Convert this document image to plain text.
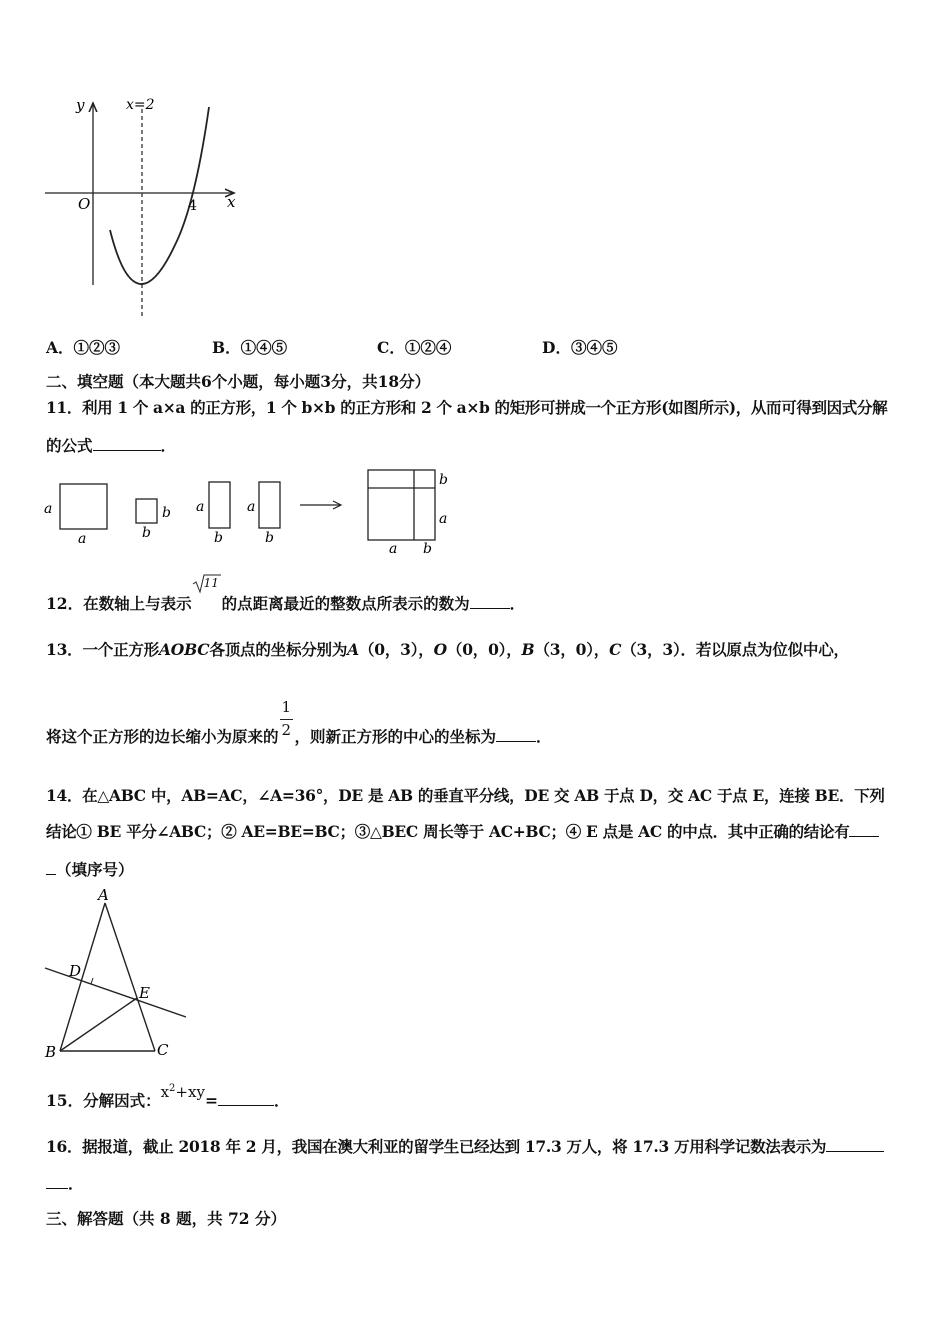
y
x
O	4
x=2
A．①②③	B．①④⑤	C．①②④	D．③④⑤
二、填空题（本大题共6个小题，每小题3分，共18分）
11．利用 1 个 a×a 的正方形，1 个 b×b 的正方形和 2 个 a×b 的矩形可拼成一个正方形(如图所示)，从而可得到因式分解
的公式	．
a
a
b
b
a
b
a
b
b
a
a b
12．在数轴上与表示
11
的点距离最近的整数点所表示的数为	．
13．一个正方形AOBC各顶点的坐标分别为A（0，3），O（0，0），B（3，0），C（3，3）．若以原点为位似中心，
将这个正方形的边长缩小为原来的 $\frac{1}{2}$ ，则新正方形的中心的坐标为	．
14．在△ABC 中，AB=AC，∠A=36°，DE 是 AB 的垂直平分线，DE 交 AB 于点 D，交 AC 于点 E，连接 BE．下列
结论① BE 平分∠ABC；② AE=BE=BC；③△BEC 周长等于 AC+BC；④ E 点是 AC 的中点．其中正确的结论有
（填序号）
A
B	C
D
E
15．分解因式：$x^2+xy=$	．
16．据报道，截止 2018 年 2 月，我国在澳大利亚的留学生已经达到 17.3 万人，将 17.3 万用科学记数法表示为
．
三、解答题（共 8 题，共 72 分）
